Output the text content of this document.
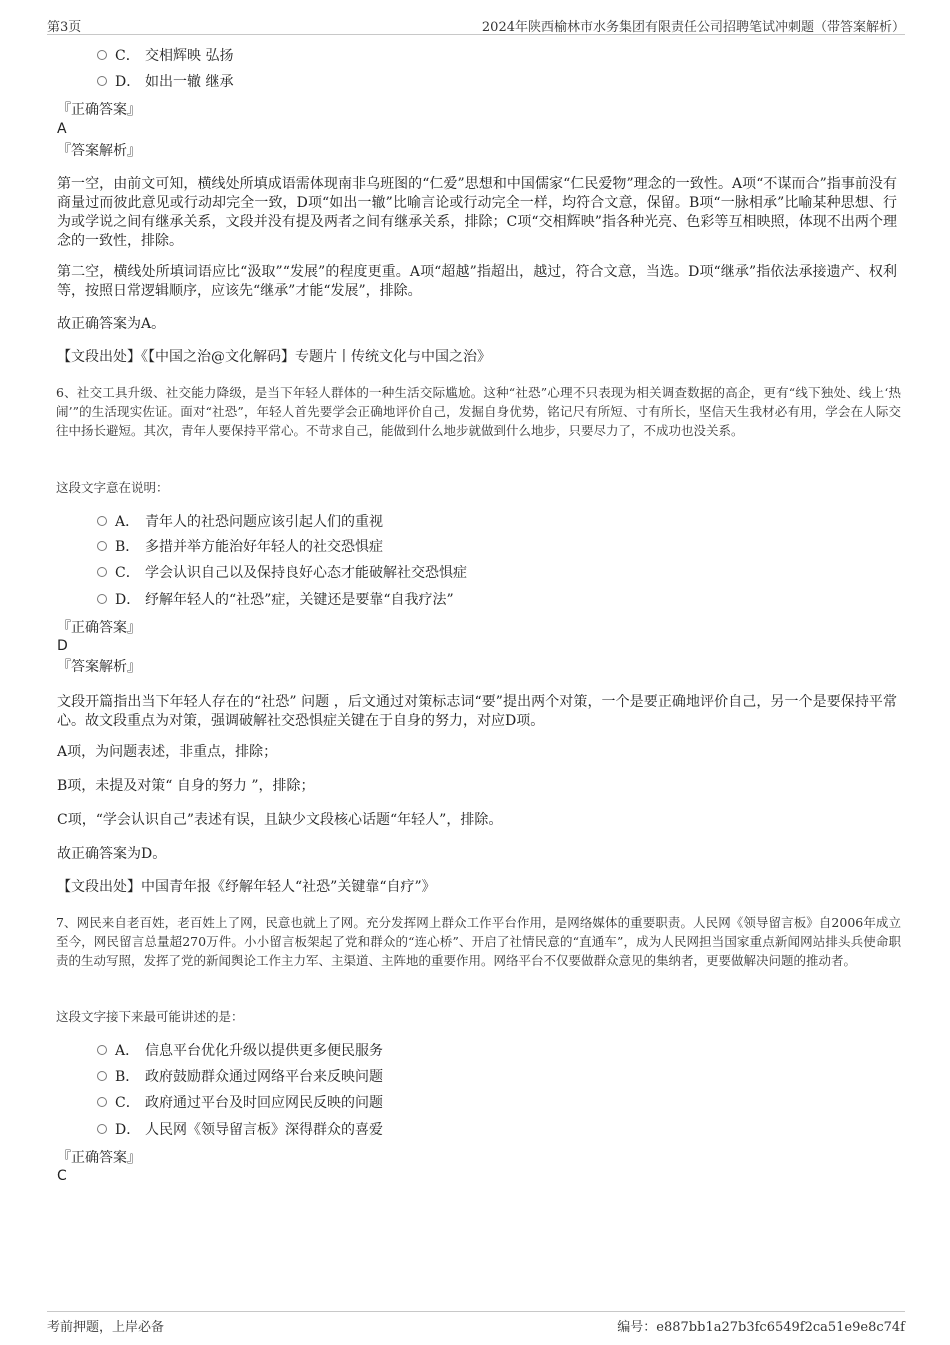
第3页	2024年陕西榆林市水务集团有限责任公司招聘笔试冲刺题（带答案解析）
C． 交相辉映 弘扬
D． 如出一辙 继承
『正确答案』
A
『答案解析』

第一空，由前文可知，横线处所填成语需体现南非乌班图的“仁爱”思想和中国儒家“仁民爱物”理念的一致性。A项“不谋而合”指事前没有商量过而彼此意见或行动却完全一致，D项“如出一辙”比喻言论或行动完全一样，均符合文意，保留。B项“一脉相承”比喻某种思想、行为或学说之间有继承关系，文段并没有提及两者之间有继承关系，排除；C项“交相辉映”指各种光亮、色彩等互相映照，体现不出两个理念的一致性，排除。

第二空，横线处所填词语应比“汲取”“发展”的程度更重。A项“超越”指超出，越过，符合文意，当选。D项“继承”指依法承接遗产、权利等，按照日常逻辑顺序，应该先“继承”才能“发展”，排除。

故正确答案为A。

【文段出处】《【中国之治@文化解码】专题片丨传统文化与中国之治》

6、社交工具升级、社交能力降级，是当下年轻人群体的一种生活交际尴尬。这种“社恐”心理不只表现为相关调查数据的高企，更有“线下独处、线上‘热闹’”的生活现实佐证。面对“社恐”，年轻人首先要学会正确地评价自己，发掘自身优势，铭记尺有所短、寸有所长，坚信天生我材必有用，学会在人际交往中扬长避短。其次，青年人要保持平常心。不苛求自己，能做到什么地步就做到什么地步，只要尽力了，不成功也没关系。

这段文字意在说明：
A． 青年人的社恐问题应该引起人们的重视
B． 多措并举方能治好年轻人的社交恐惧症
C． 学会认识自己以及保持良好心态才能破解社交恐惧症
D． 纾解年轻人的“社恐”症，关键还是要靠“自我疗法”
『正确答案』
D
『答案解析』

文段开篇指出当下年轻人存在的“社恐” 问题 ，后文通过对策标志词“要”提出两个对策，一个是要正确地评价自己，另一个是要保持平常心。故文段重点为对策，强调破解社交恐惧症关键在于自身的努力，对应D项。

A项，为问题表述，非重点，排除；

B项，未提及对策“ 自身的努力 ”，排除；

C项，“学会认识自己”表述有误，且缺少文段核心话题“年轻人”，排除。

故正确答案为D。

【文段出处】中国青年报《纾解年轻人“社恐”关键靠“自疗”》

7、网民来自老百姓，老百姓上了网，民意也就上了网。充分发挥网上群众工作平台作用，是网络媒体的重要职责。人民网《领导留言板》自2006年成立至今，网民留言总量超270万件。小小留言板架起了党和群众的“连心桥”、开启了社情民意的“直通车”，成为人民网担当国家重点新闻网站排头兵使命职责的生动写照，发挥了党的新闻舆论工作主力军、主渠道、主阵地的重要作用。网络平台不仅要做群众意见的集纳者，更要做解决问题的推动者。

这段文字接下来最可能讲述的是：
A． 信息平台优化升级以提供更多便民服务
B． 政府鼓励群众通过网络平台来反映问题
C． 政府通过平台及时回应网民反映的问题
D． 人民网《领导留言板》深得群众的喜爱
『正确答案』
C
考前押题，上岸必备	编号：e887bb1a27b3fc6549f2ca51e9e8c74f
